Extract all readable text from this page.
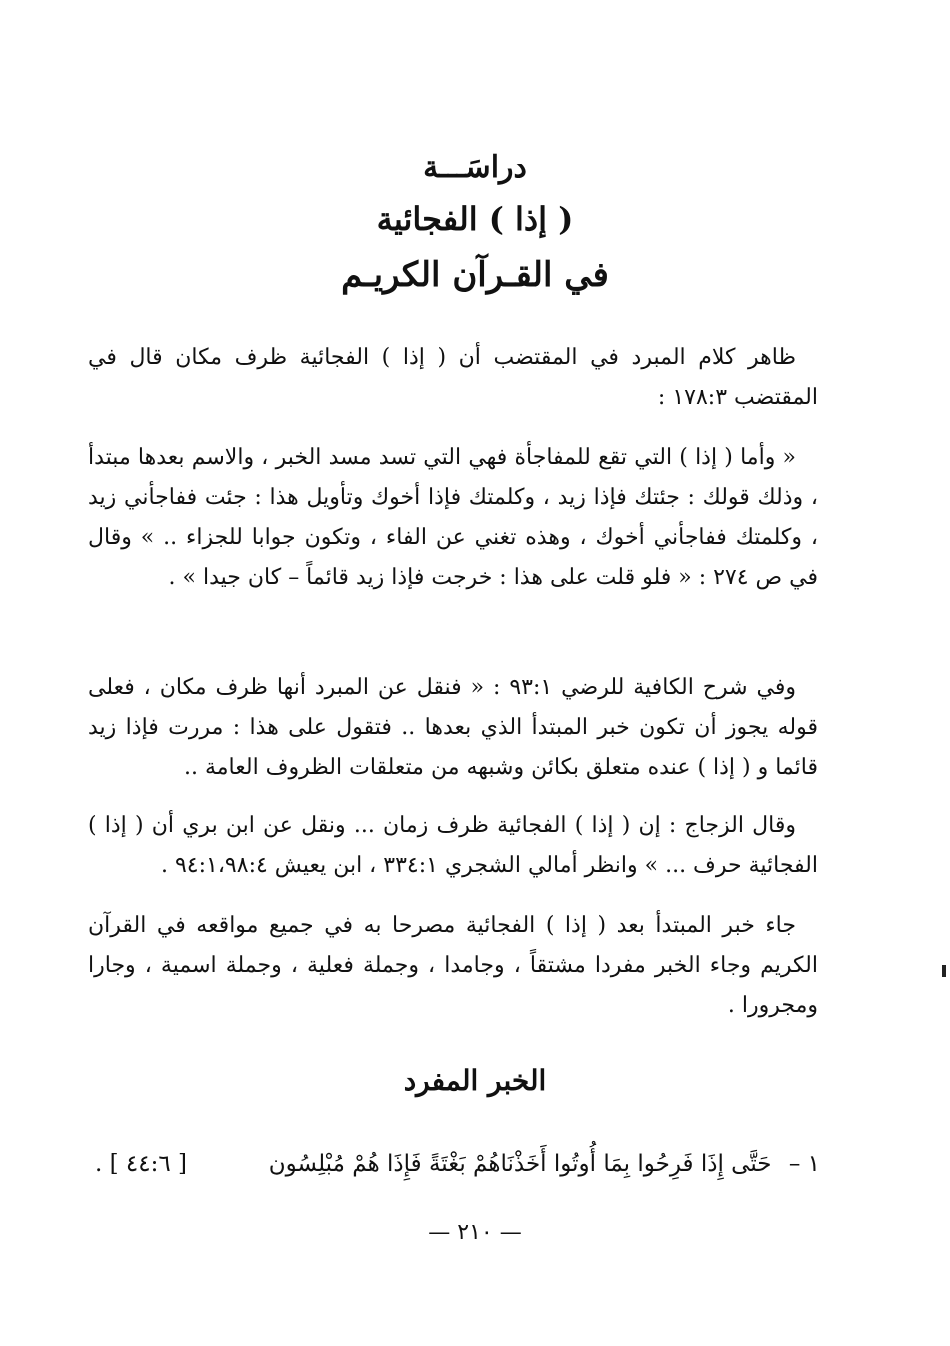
دراسَـــة
( إذا ) الفجائية
في القـرآن الكريـم

ظاهر كلام المبرد في المقتضب أن ( إذا ) الفجائية ظرف مكان قال في المقتضب ١٧٨:٣ :

« وأما ( إذا ) التي تقع للمفاجأة فهي التي تسد مسد الخبر ، والاسم بعدها مبتدأ ، وذلك قولك : جئتك فإذا زيد ، وكلمتك فإذا أخوك وتأويل هذا : جئت ففاجأني زيد ، وكلمتك ففاجأني أخوك ، وهذه تغني عن الفاء ، وتكون جوابا للجزاء .. » وقال في ص ٢٧٤ : « فلو قلت على هذا : خرجت فإذا زيد قائماً – كان جيدا » .

وفي شرح الكافية للرضي ٩٣:١ : « فنقل عن المبرد أنها ظرف مكان ، فعلى قوله يجوز أن تكون خبر المبتدأ الذي بعدها .. فتقول على هذا : مررت فإذا زيد قائما و ( إذا ) عنده متعلق بكائن وشبهه من متعلقات الظروف العامة ..

وقال الزجاج : إن ( إذا ) الفجائية ظرف زمان ... ونقل عن ابن بري أن ( إذا ) الفجائية حرف ... » وانظر أمالي الشجري ٣٣٤:١ ، ابن يعيش ٩٤:١،٩٨:٤ .

جاء خبر المبتدأ بعد ( إذا ) الفجائية مصرحا به في جميع مواقعه في القرآن الكريم وجاء الخبر مفردا مشتقاً ، وجامدا ، وجملة فعلية ، وجملة اسمية ، وجارا ومجرورا .

الخبر المفرد
١ – حَتَّى إِذَا فَرِحُوا بِمَا أُوتُوا أَخَذْنَاهُمْ بَغْتَةً فَإِذَا هُمْ مُبْلِسُون
[ ٤٤:٦ ] .
— ٢١٠ —
